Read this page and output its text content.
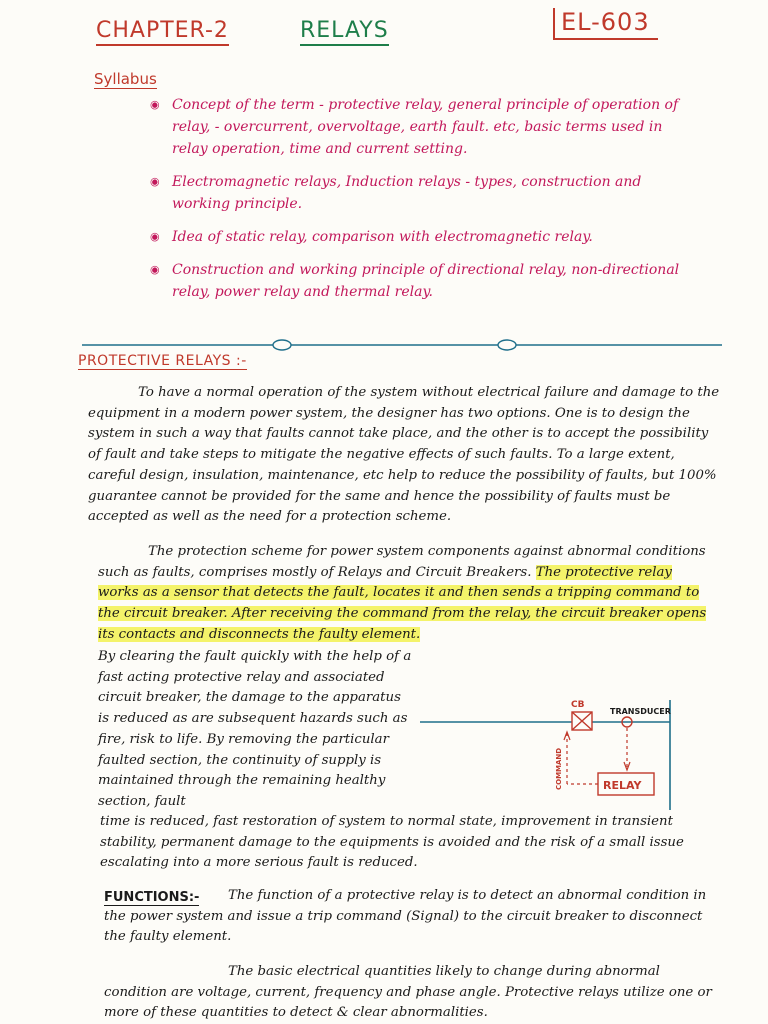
CHAPTER-2	RELAYS	EL-603
Syllabus
◉ Concept of the term - protective relay, general principle of operation of relay, - overcurrent, overvoltage, earth fault. etc, basic terms used in relay operation, time and current setting.
◉ Electromagnetic relays, Induction relays - types, construction and working principle.
◉ Idea of static relay, comparison with electromagnetic relay.
◉ Construction and working principle of directional relay, non-directional relay, power relay and thermal relay.
PROTECTIVE RELAYS :-

To have a normal operation of the system without electrical failure and damage to the equipment in a modern power system, the designer has two options. One is to design the system in such a way that faults cannot take place, and the other is to accept the possibility of fault and take steps to mitigate the negative effects of such faults. To a large extent, careful design, insulation, maintenance, etc help to reduce the possibility of faults, but 100% guarantee cannot be provided for the same and hence the possibility of faults must be accepted as well as the need for a protection scheme.

The protection scheme for power system components against abnormal conditions such as faults, comprises mostly of Relays and Circuit Breakers. The protective relay works as a sensor that detects the fault, locates it and then sends a tripping command to the circuit breaker. After receiving the command from the relay, the circuit breaker opens its contacts and disconnects the faulty element.

By clearing the fault quickly with the help of a fast acting protective relay and associated circuit breaker, the damage to the apparatus is reduced as are subsequent hazards such as fire, risk to life. By removing the particular faulted section, the continuity of supply is maintained through the remaining healthy section, fault

CB
TRANSDUCER
COMMAND	RELAY

time is reduced, fast restoration of system to normal state, improvement in transient stability, permanent damage to the equipments is avoided and the risk of a small issue escalating into a more serious fault is reduced.

FUNCTIONS:-	The function of a protective relay is to detect an abnormal condition in the power system and issue a trip command (Signal) to the circuit breaker to disconnect the faulty element.

The basic electrical quantities likely to change during abnormal condition are voltage, current, frequency and phase angle. Protective relays utilize one or more of these quantities to detect & clear abnormalities.
